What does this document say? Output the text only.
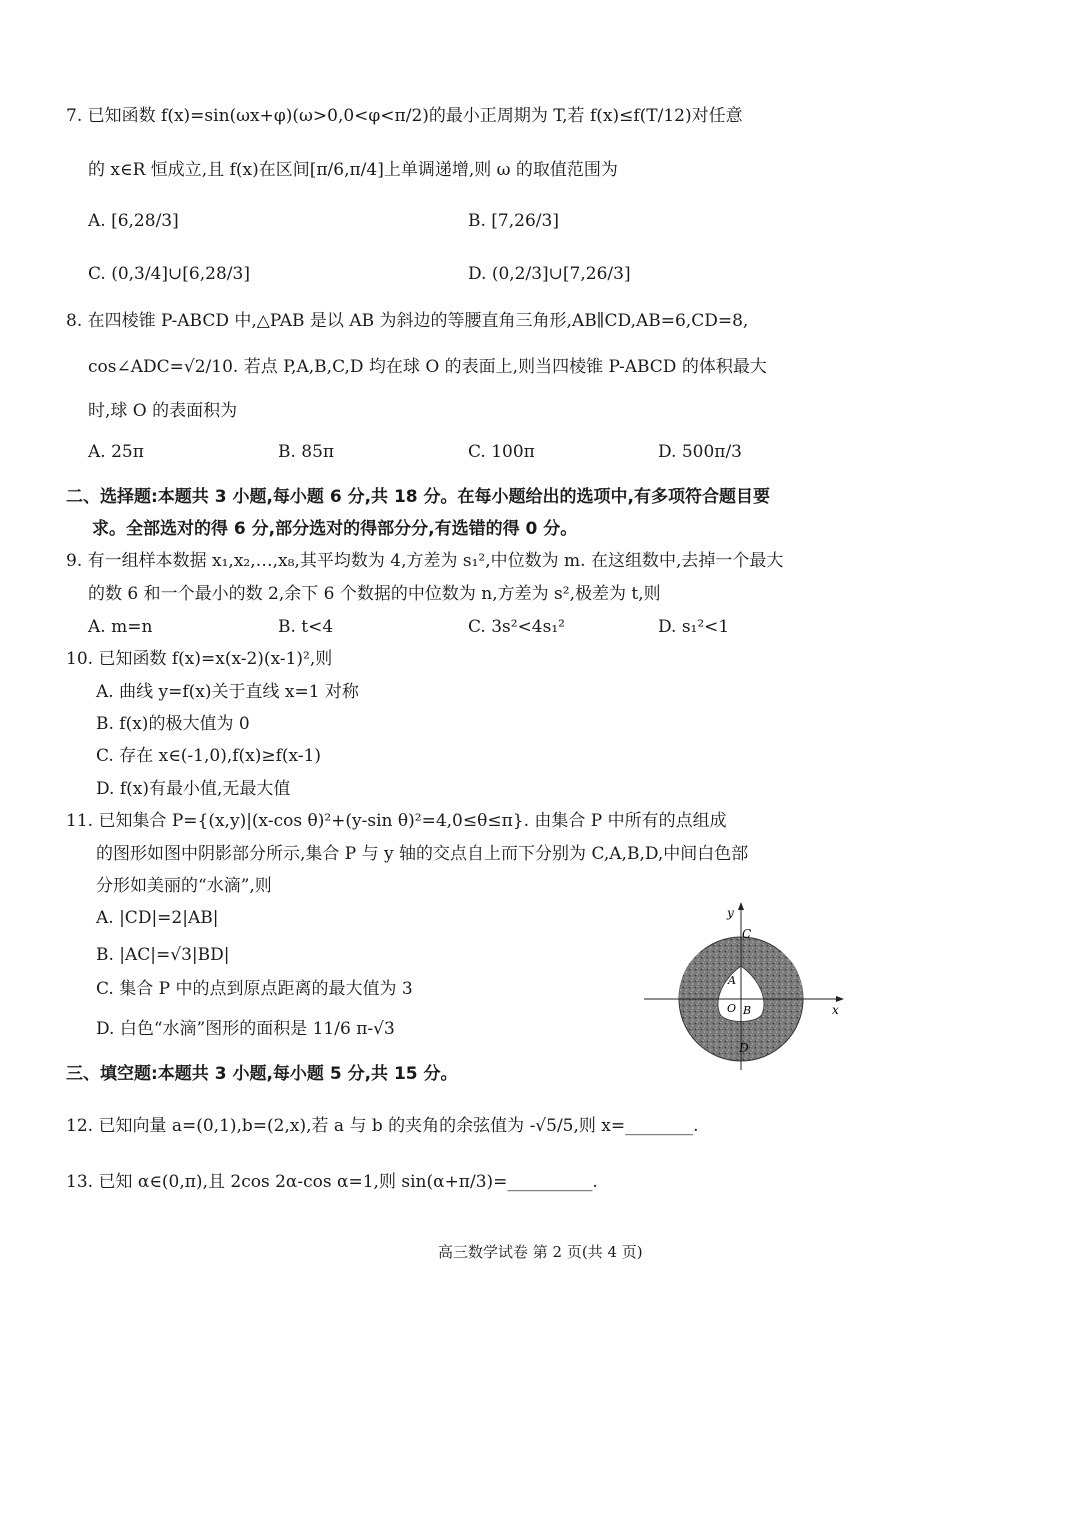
7. 已知函数 f(x)=sin(ωx+φ)(ω>0,0<φ<π/2)的最小正周期为 T,若 f(x)≤f(T/12)对任意
的 x∈R 恒成立,且 f(x)在区间[π/6,π/4]上单调递增,则 ω 的取值范围为
A. [6,28/3]	B. [7,26/3]
C. (0,3/4]∪[6,28/3]	D. (0,2/3]∪[7,26/3]
8. 在四棱锥 P-ABCD 中,△PAB 是以 AB 为斜边的等腰直角三角形,AB∥CD,AB=6,CD=8,
cos∠ADC=√2/10. 若点 P,A,B,C,D 均在球 O 的表面上,则当四棱锥 P-ABCD 的体积最大
时,球 O 的表面积为
A. 25π	B. 85π	C. 100π	D. 500π/3
二、选择题:本题共 3 小题,每小题 6 分,共 18 分。在每小题给出的选项中,有多项符合题目要
求。全部选对的得 6 分,部分选对的得部分分,有选错的得 0 分。
9. 有一组样本数据 x₁,x₂,…,x₈,其平均数为 4,方差为 s₁²,中位数为 m. 在这组数中,去掉一个最大
的数 6 和一个最小的数 2,余下 6 个数据的中位数为 n,方差为 s²,极差为 t,则
A. m=n	B. t<4	C. 3s²<4s₁²	D. s₁²<1
10. 已知函数 f(x)=x(x-2)(x-1)²,则
A. 曲线 y=f(x)关于直线 x=1 对称
B. f(x)的极大值为 0
C. 存在 x∈(-1,0),f(x)≥f(x-1)
D. f(x)有最小值,无最大值
11. 已知集合 P={(x,y)|(x-cos θ)²+(y-sin θ)²=4,0≤θ≤π}. 由集合 P 中所有的点组成
的图形如图中阴影部分所示,集合 P 与 y 轴的交点自上而下分别为 C,A,B,D,中间白色部
分形如美丽的“水滴”,则
A. |CD|=2|AB|
B. |AC|=√3|BD|
C. 集合 P 中的点到原点距离的最大值为 3
D. 白色“水滴”图形的面积是 11/6 π-√3
y
x
C
A
O B
D
三、填空题:本题共 3 小题,每小题 5 分,共 15 分。
12. 已知向量 a=(0,1),b=(2,x),若 a 与 b 的夹角的余弦值为 -√5/5,则 x=________.
13. 已知 α∈(0,π),且 2cos 2α-cos α=1,则 sin(α+π/3)=__________.
高三数学试卷 第 2 页(共 4 页)
